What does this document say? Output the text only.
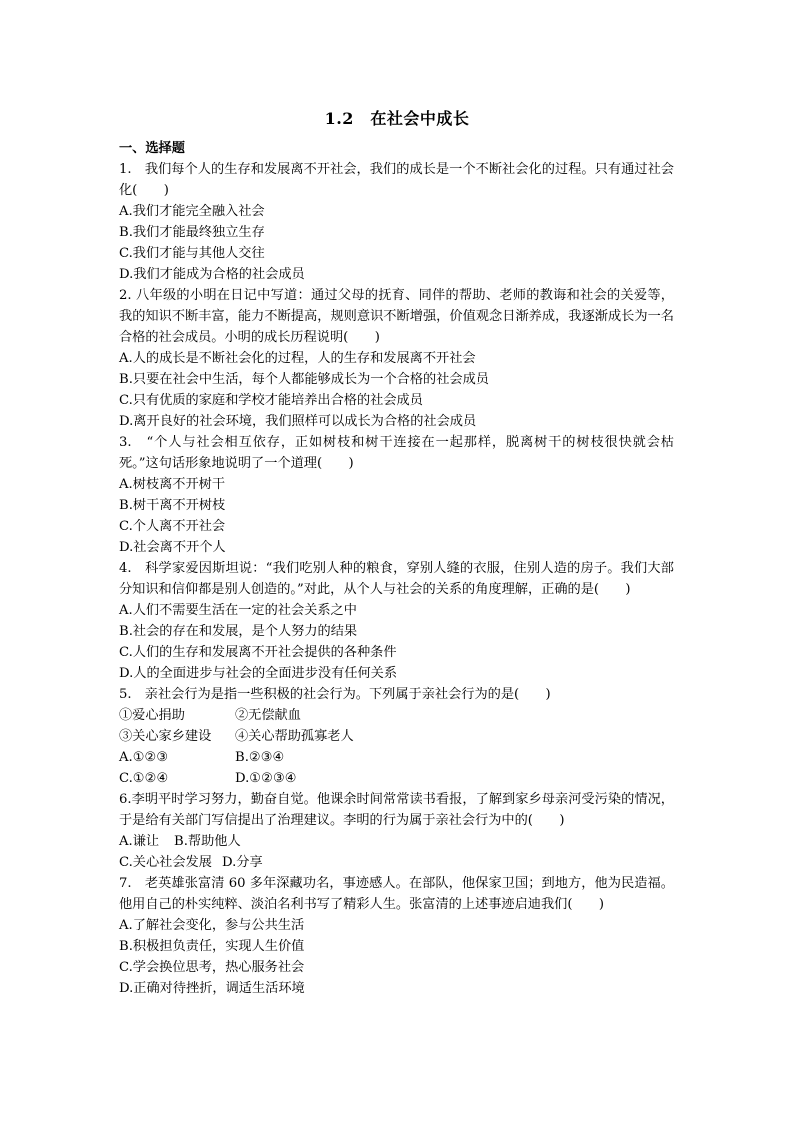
1.2　在社会中成长
一、选择题
1.　我们每个人的生存和发展离不开社会，我们的成长是一个不断社会化的过程。只有通过社会化(　　)
A.我们才能完全融入社会
B.我们才能最终独立生存
C.我们才能与其他人交往
D.我们才能成为合格的社会成员
2. 八年级的小明在日记中写道：通过父母的抚育、同伴的帮助、老师的教诲和社会的关爱等，我的知识不断丰富，能力不断提高，规则意识不断增强，价值观念日渐养成，我逐渐成长为一名合格的社会成员。小明的成长历程说明(　　)
A.人的成长是不断社会化的过程，人的生存和发展离不开社会
B.只要在社会中生活，每个人都能够成长为一个合格的社会成员
C.只有优质的家庭和学校才能培养出合格的社会成员
D.离开良好的社会环境，我们照样可以成长为合格的社会成员
3.　“个人与社会相互依存，正如树枝和树干连接在一起那样，脱离树干的树枝很快就会枯死。”这句话形象地说明了一个道理(　　)
A.树枝离不开树干
B.树干离不开树枝
C.个人离不开社会
D.社会离不开个人
4.　科学家爱因斯坦说：“我们吃别人种的粮食，穿别人缝的衣服，住别人造的房子。我们大部分知识和信仰都是别人创造的。”对此，从个人与社会的关系的角度理解，正确的是(　　)
A.人们不需要生活在一定的社会关系之中
B.社会的存在和发展，是个人努力的结果
C.人们的生存和发展离不开社会提供的各种条件
D.人的全面进步与社会的全面进步没有任何关系
5.　亲社会行为是指一些积极的社会行为。下列属于亲社会行为的是(　　)
①爱心捐助	②无偿献血
③关心家乡建设	④关心帮助孤寡老人
A.①②③	B.②③④
C.①②④	D.①②③④
6.李明平时学习努力，勤奋自觉。他课余时间常常读书看报，了解到家乡母亲河受污染的情况，于是给有关部门写信提出了治理建议。李明的行为属于亲社会行为中的(　　)
A.谦让	B.帮助他人
C.关心社会发展 D.分享
7.　老英雄张富清 60 多年深藏功名，事迹感人。在部队，他保家卫国；到地方，他为民造福。他用自己的朴实纯粹、淡泊名利书写了精彩人生。张富清的上述事迹启迪我们(　　)
A.了解社会变化，参与公共生活
B.积极担负责任，实现人生价值
C.学会换位思考，热心服务社会
D.正确对待挫折，调适生活环境
